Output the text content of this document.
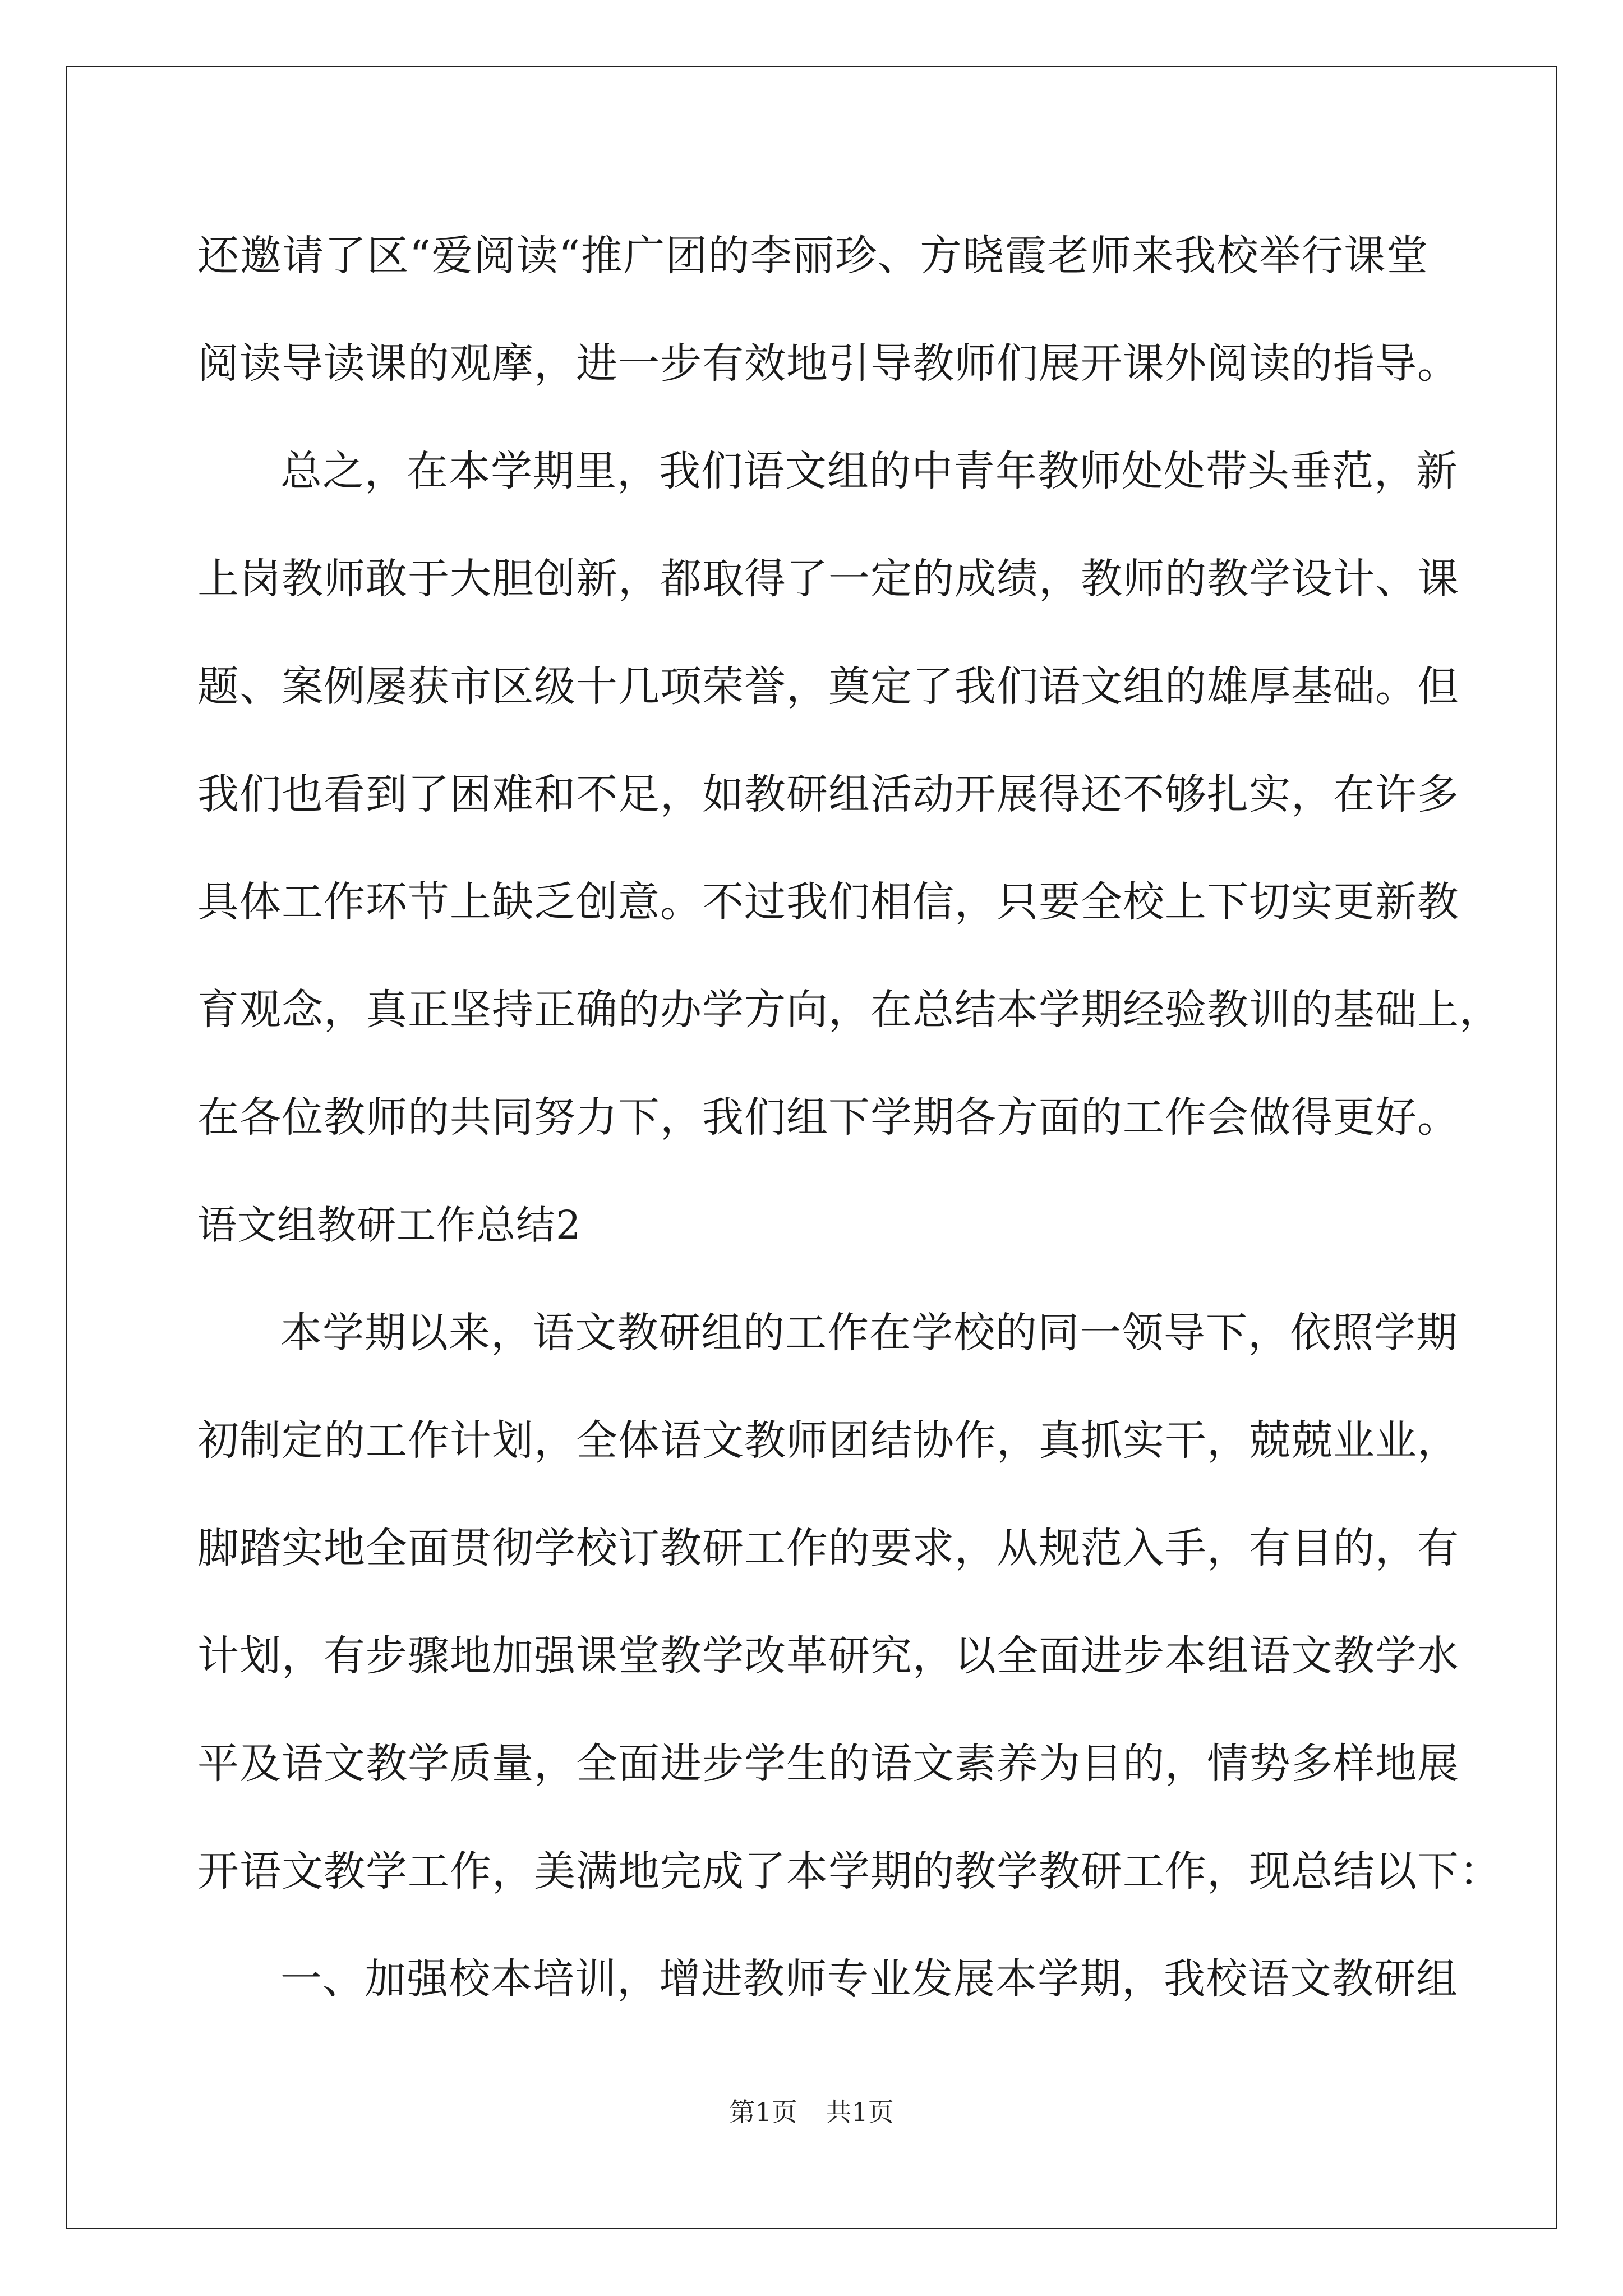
还邀请了区“爱阅读“推广团的李丽珍、方晓霞老师来我校举行课堂
阅读导读课的观摩，进一步有效地引导教师们展开课外阅读的指导。
总之，在本学期里，我们语文组的中青年教师处处带头垂范，新
上岗教师敢于大胆创新，都取得了一定的成绩，教师的教学设计、课
题、案例屡获市区级十几项荣誉，奠定了我们语文组的雄厚基础。但
我们也看到了困难和不足，如教研组活动开展得还不够扎实，在许多
具体工作环节上缺乏创意。不过我们相信，只要全校上下切实更新教
育观念，真正坚持正确的办学方向，在总结本学期经验教训的基础上，
在各位教师的共同努力下，我们组下学期各方面的工作会做得更好。
语文组教研工作总结2
本学期以来，语文教研组的工作在学校的同一领导下，依照学期
初制定的工作计划，全体语文教师团结协作，真抓实干，兢兢业业，
脚踏实地全面贯彻学校订教研工作的要求，从规范入手，有目的，有
计划，有步骤地加强课堂教学改革研究，以全面进步本组语文教学水
平及语文教学质量，全面进步学生的语文素养为目的，情势多样地展
开语文教学工作，美满地完成了本学期的教学教研工作，现总结以下：
一、加强校本培训，增进教师专业发展本学期，我校语文教研组
第1页 共1页
